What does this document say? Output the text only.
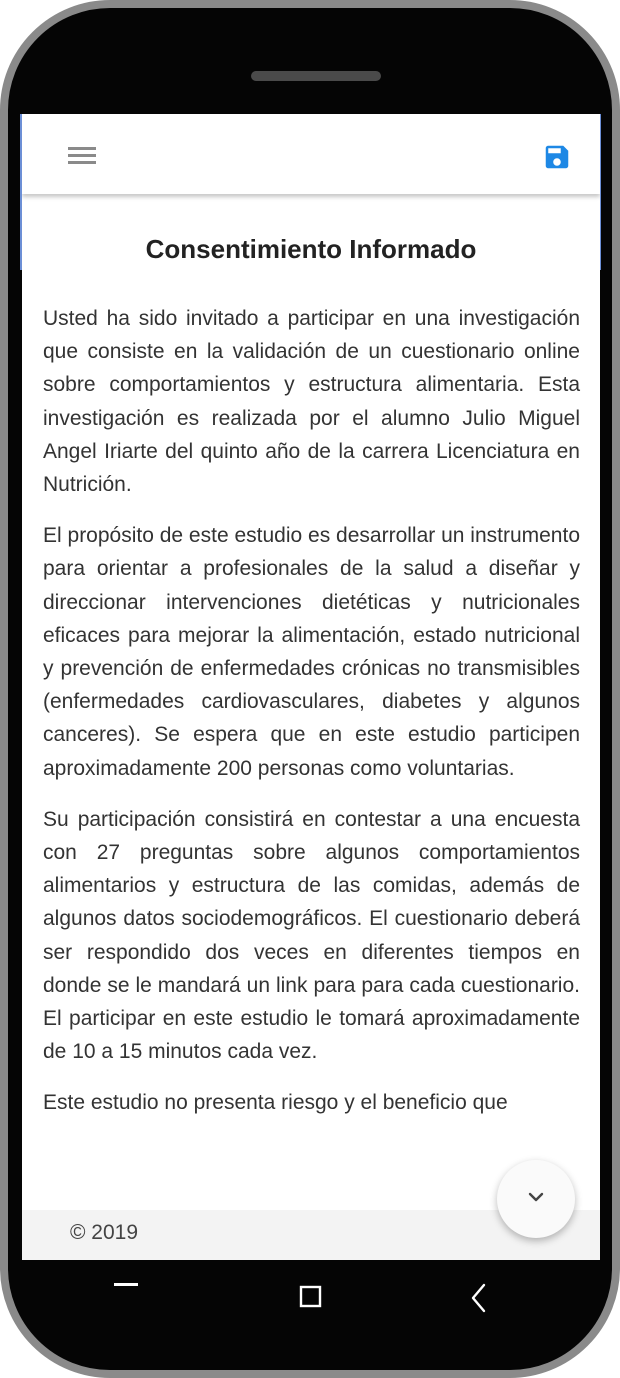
Consentimiento Informado

Usted ha sido invitado a participar en una investigación que consiste en la validación de un cuestionario online sobre comportamientos y estructura alimentaria. Esta investigación es realizada por el alumno Julio Miguel Angel Iriarte del quinto año de la carrera Licenciatura en Nutrición.

El propósito de este estudio es desarrollar un instrumento para orientar a profesionales de la salud a diseñar y direccionar intervenciones dietéticas y nutricionales eficaces para mejorar la alimentación, estado nutricional y prevención de enfermedades crónicas no transmisibles (enfermedades cardiovasculares, diabetes y algunos canceres). Se espera que en este estudio participen aproximadamente 200 personas como voluntarias.

Su participación consistirá en contestar a una encuesta con 27 preguntas sobre algunos comportamientos alimentarios y estructura de las comidas, además de algunos datos sociodemográficos. El cuestionario deberá ser respondido dos veces en diferentes tiempos en donde se le mandará un link para para cada cuestionario. El participar en este estudio le tomará aproximadamente de 10 a 15 minutos cada vez.

Este estudio no presenta riesgo y el beneficio que

© 2019
